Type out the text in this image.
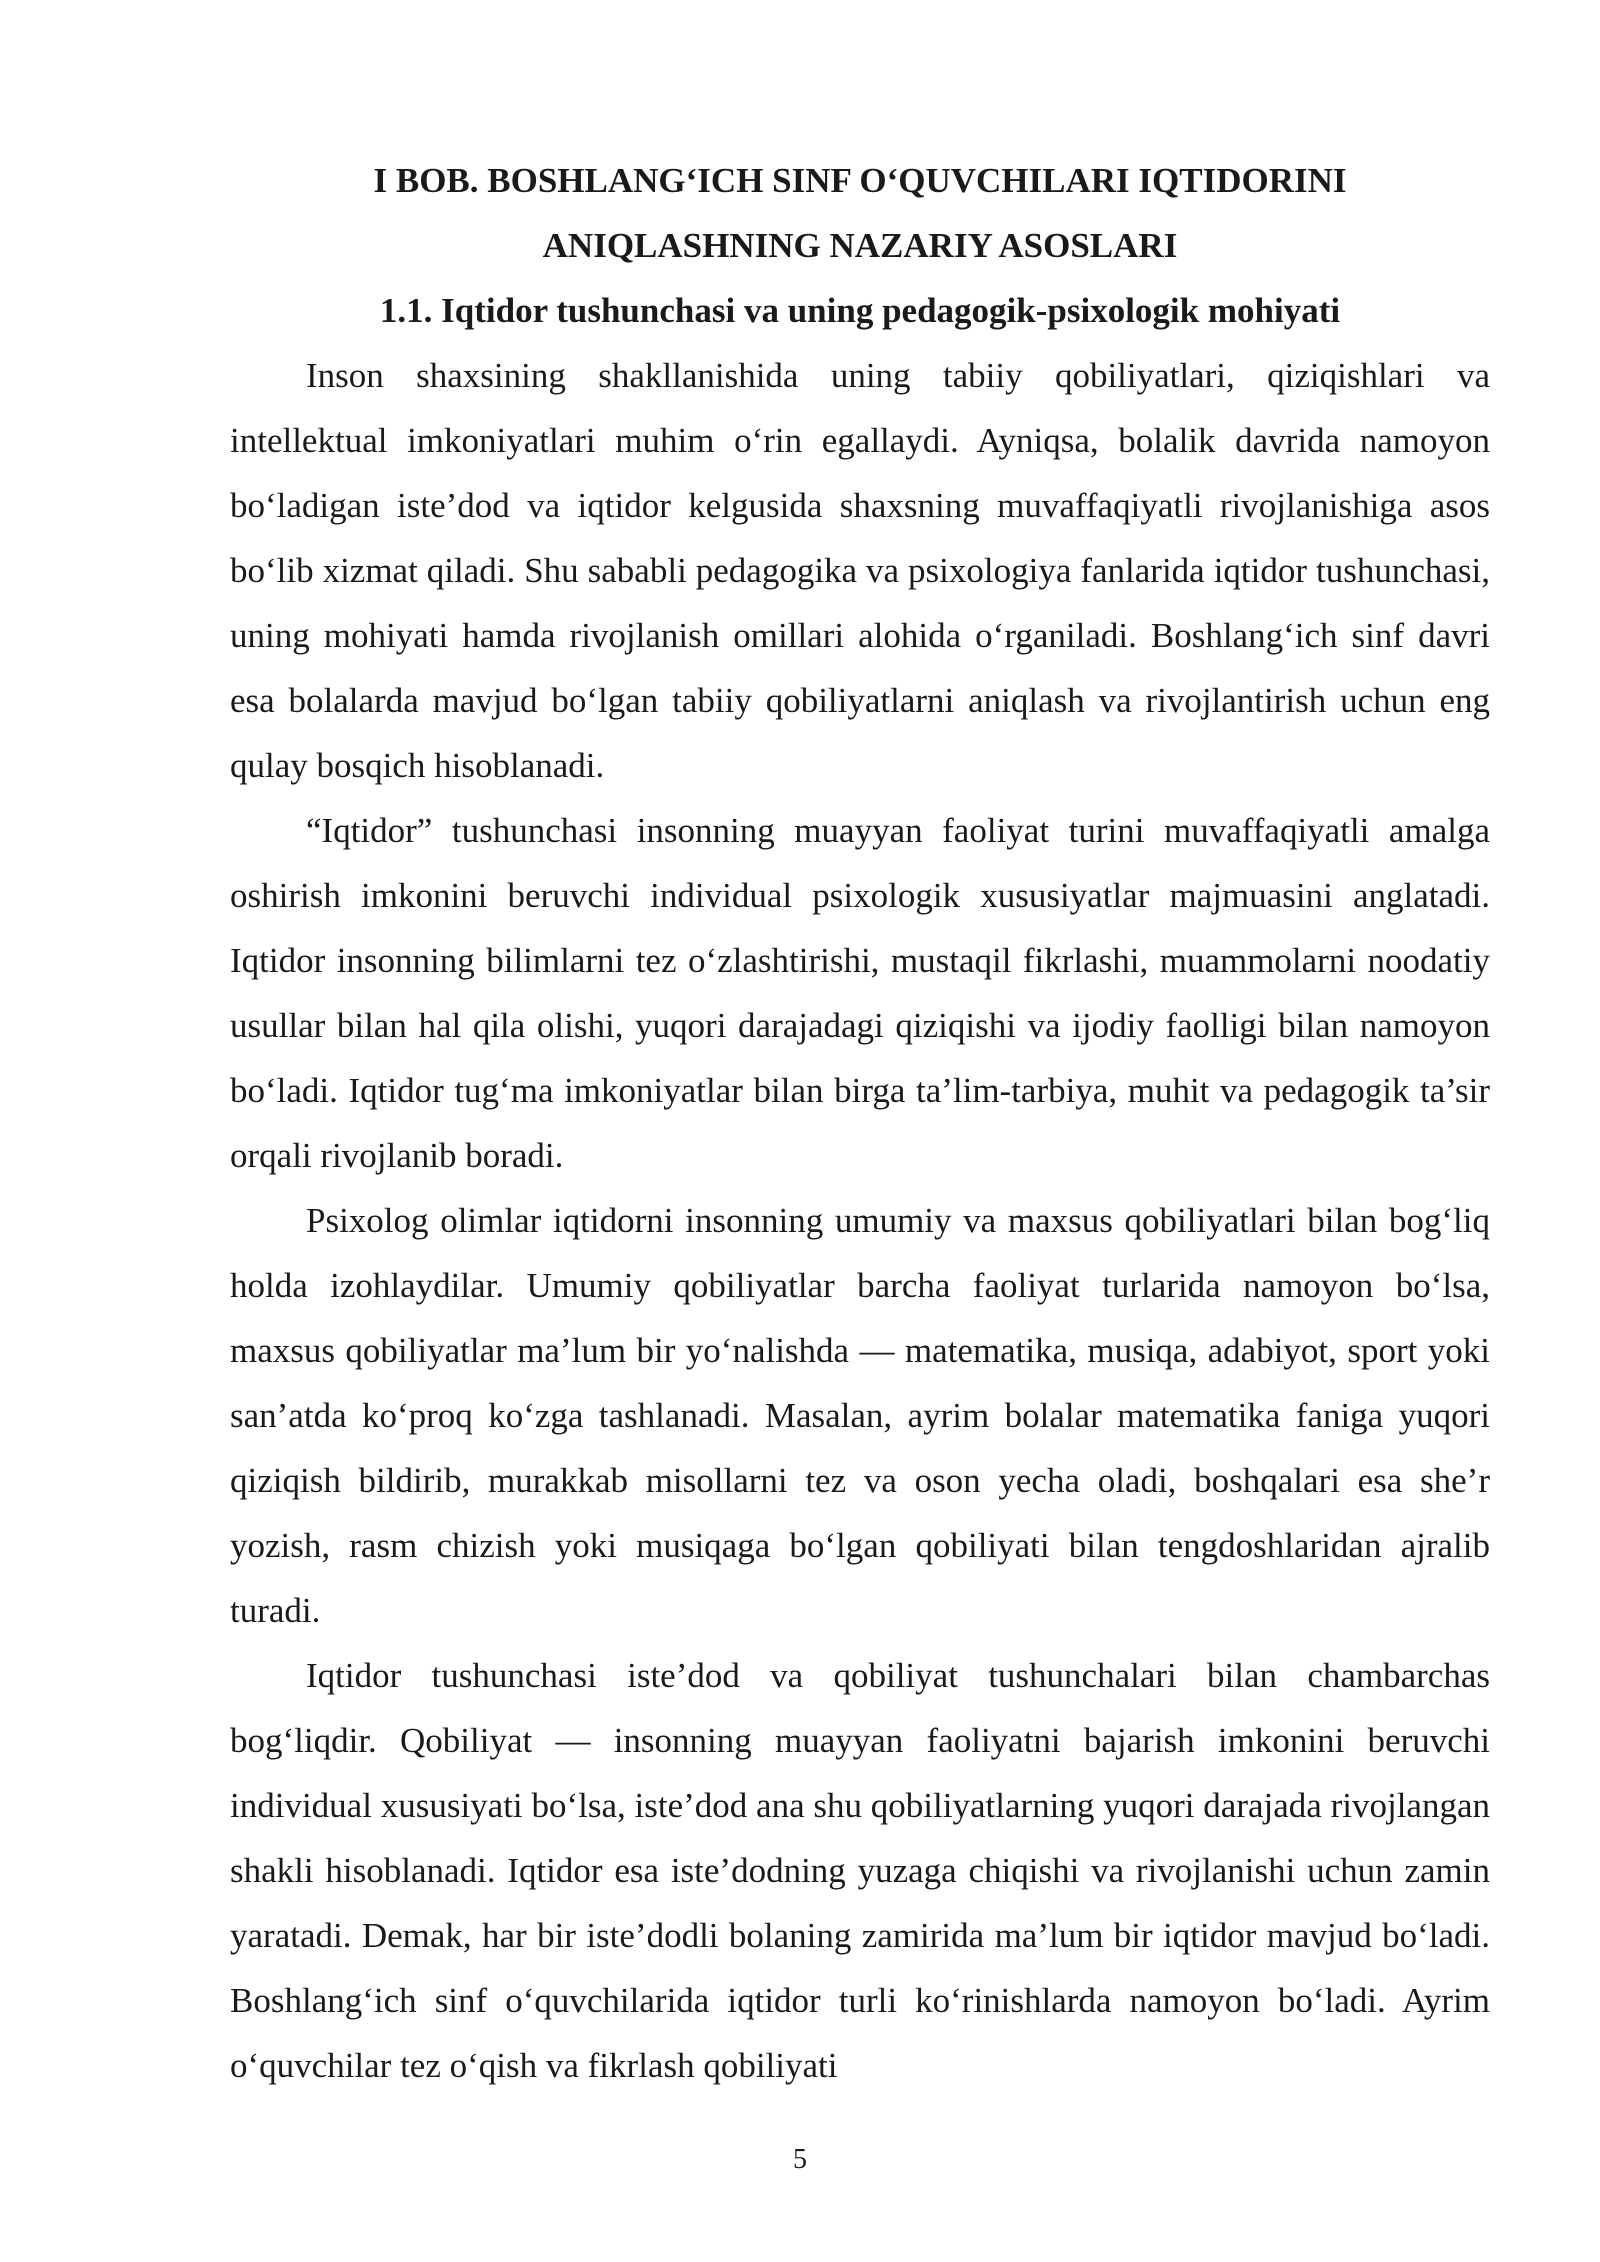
I BOB. BOSHLANG‘ICH SINF O‘QUVCHILARI IQTIDORINI

ANIQLASHNING NAZARIY ASOSLARI

1.1. Iqtidor tushunchasi va uning pedagogik-psixologik mohiyati

Inson shaxsining shakllanishida uning tabiiy qobiliyatlari, qiziqishlari va intellektual imkoniyatlari muhim o‘rin egallaydi. Ayniqsa, bolalik davrida namoyon bo‘ladigan iste’dod va iqtidor kelgusida shaxsning muvaffaqiyatli rivojlanishiga asos bo‘lib xizmat qiladi. Shu sababli pedagogika va psixologiya fanlarida iqtidor tushunchasi, uning mohiyati hamda rivojlanish omillari alohida o‘rganiladi. Boshlang‘ich sinf davri esa bolalarda mavjud bo‘lgan tabiiy qobiliyatlarni aniqlash va rivojlantirish uchun eng qulay bosqich hisoblanadi.

“Iqtidor” tushunchasi insonning muayyan faoliyat turini muvaffaqiyatli amalga oshirish imkonini beruvchi individual psixologik xususiyatlar majmuasini anglatadi. Iqtidor insonning bilimlarni tez o‘zlashtirishi, mustaqil fikrlashi, muammolarni noodatiy usullar bilan hal qila olishi, yuqori darajadagi qiziqishi va ijodiy faolligi bilan namoyon bo‘ladi. Iqtidor tug‘ma imkoniyatlar bilan birga ta’lim-tarbiya, muhit va pedagogik ta’sir orqali rivojlanib boradi.

Psixolog olimlar iqtidorni insonning umumiy va maxsus qobiliyatlari bilan bog‘liq holda izohlaydilar. Umumiy qobiliyatlar barcha faoliyat turlarida namoyon bo‘lsa, maxsus qobiliyatlar ma’lum bir yo‘nalishda — matematika, musiqa, adabiyot, sport yoki san’atda ko‘proq ko‘zga tashlanadi. Masalan, ayrim bolalar matematika faniga yuqori qiziqish bildirib, murakkab misollarni tez va oson yecha oladi, boshqalari esa she’r yozish, rasm chizish yoki musiqaga bo‘lgan qobiliyati bilan tengdoshlaridan ajralib turadi.

Iqtidor tushunchasi iste’dod va qobiliyat tushunchalari bilan chambarchas bog‘liqdir. Qobiliyat — insonning muayyan faoliyatni bajarish imkonini beruvchi individual xususiyati bo‘lsa, iste’dod ana shu qobiliyatlarning yuqori darajada rivojlangan shakli hisoblanadi. Iqtidor esa iste’dodning yuzaga chiqishi va rivojlanishi uchun zamin yaratadi. Demak, har bir iste’dodli bolaning zamirida ma’lum bir iqtidor mavjud bo‘ladi. Boshlang‘ich sinf o‘quvchilarida iqtidor turli ko‘rinishlarda namoyon bo‘ladi. Ayrim o‘quvchilar tez o‘qish va fikrlash qobiliyati

5
